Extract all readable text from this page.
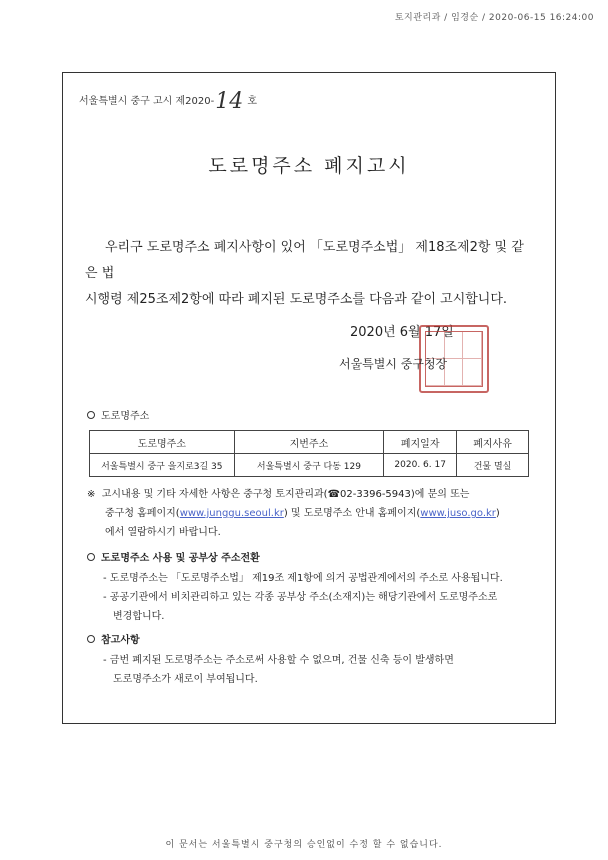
토지관리과 / 임경순 / 2020-06-15 16:24:00
서울특별시 중구 고시 제2020-14 호
도로명주소 폐지고시
우리구 도로명주소 폐지사항이 있어 「도로명주소법」 제18조제2항 및 같은 법
시행령 제25조제2항에 따라 폐지된 도로명주소를 다음과 같이 고시합니다.
2020년 6월 17일
서울특별시 중구청장
도로명주소
도로명주소	지번주소	폐지일자	폐지사유
서울특별시 중구 을지로3길 35	서울특별시 중구 다동 129	2020. 6. 17	건물 멸실
※ 고시내용 및 기타 자세한 사항은 중구청 토지관리과(☎02-3396-5943)에 문의 또는
중구청 홈페이지(www.junggu.seoul.kr) 및 도로명주소 안내 홈페이지(www.juso.go.kr)
에서 열람하시기 바랍니다.
도로명주소 사용 및 공부상 주소전환
- 도로명주소는 「도로명주소법」 제19조 제1항에 의거 공법관계에서의 주소로 사용됩니다.
- 공공기관에서 비치관리하고 있는 각종 공부상 주소(소재지)는 해당기관에서 도로명주소로
변경합니다.
참고사항
- 금번 폐지된 도로명주소는 주소로써 사용할 수 없으며, 건물 신축 등이 발생하면
도로명주소가 새로이 부여됩니다.
이 문서는 서울특별시 중구청의 승인없이 수정 할 수 없습니다.
